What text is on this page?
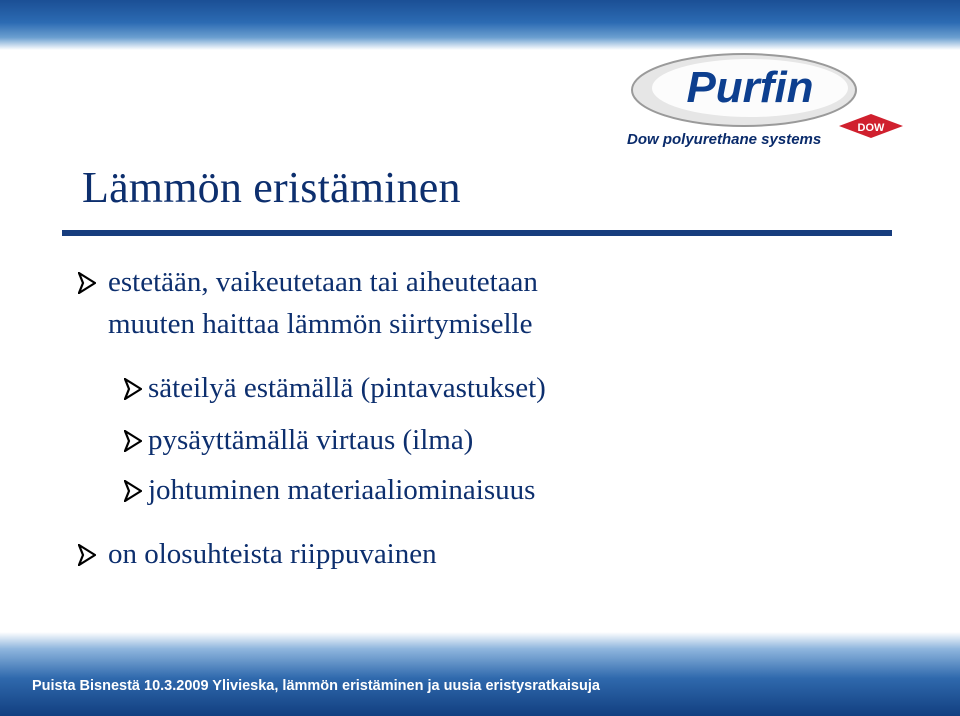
Purfin
DOW
Dow polyurethane systems
Lämmön eristäminen
estetään, vaikeutetaan tai aiheutetaan
muuten haittaa lämmön siirtymiselle
säteilyä estämällä (pintavastukset)
pysäyttämällä virtaus (ilma)
johtuminen materiaaliominaisuus
on olosuhteista riippuvainen
Puista Bisnestä 10.3.2009 Ylivieska, lämmön eristäminen ja uusia eristysratkaisuja
